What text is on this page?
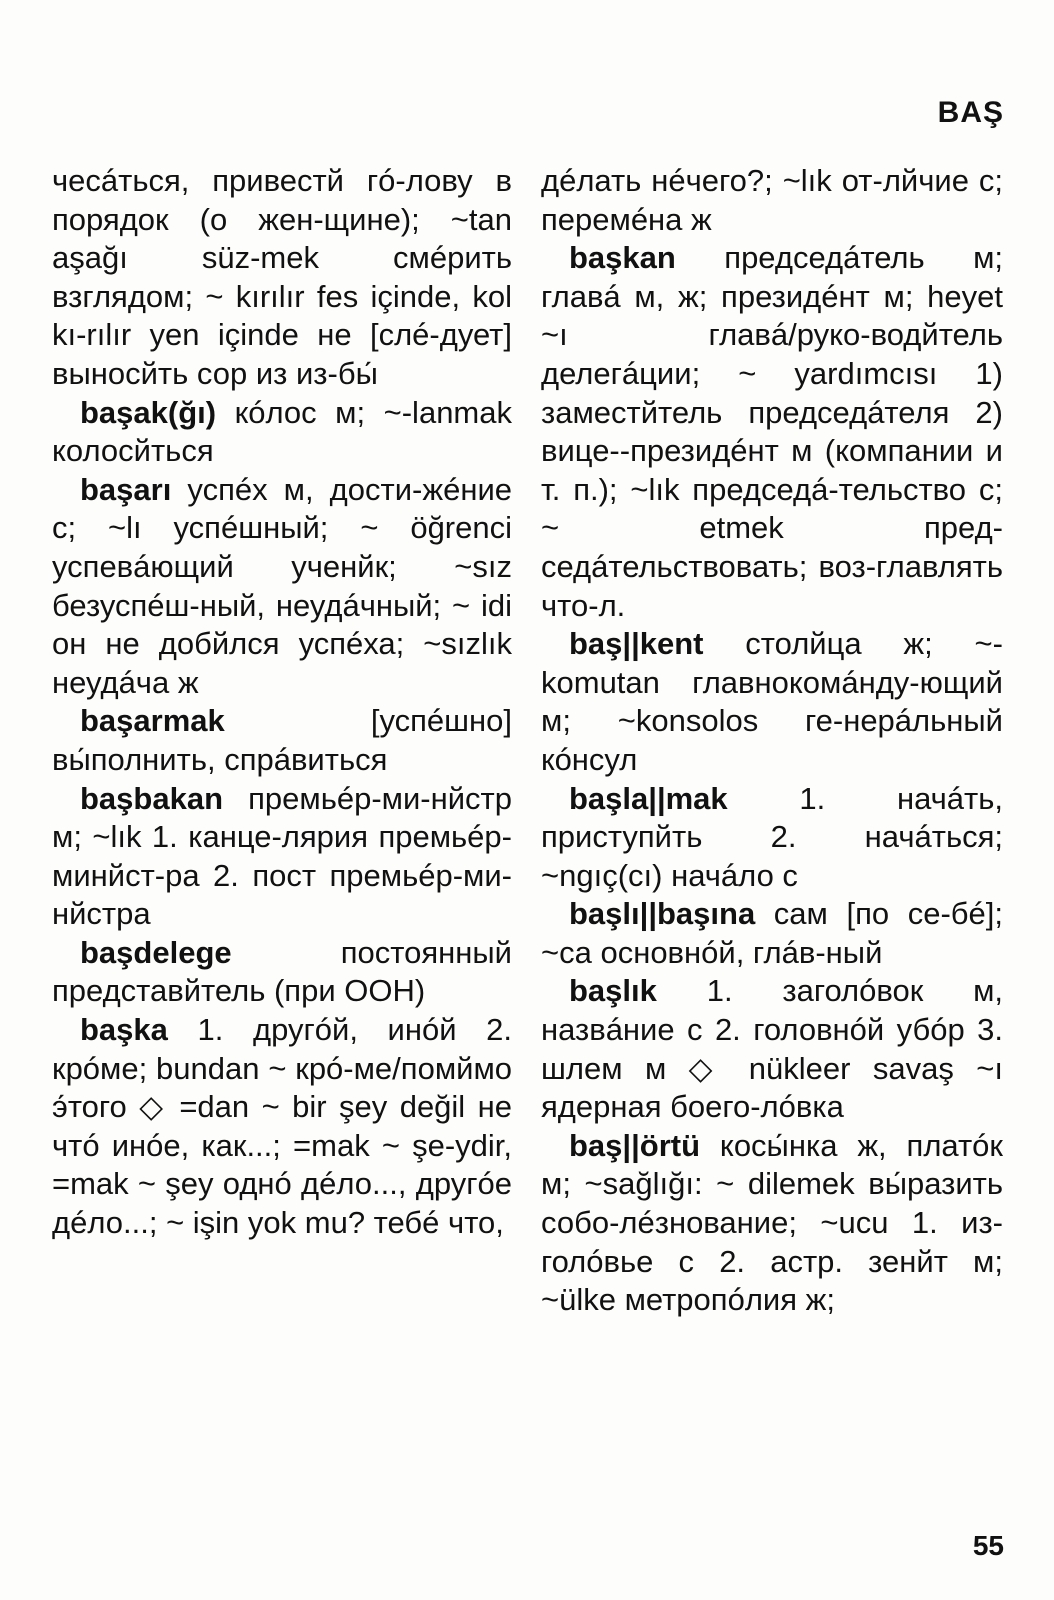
BAŞ

чесáться, привестй гó-лову в порядок (о жен-щине); ~tan aşağı süz-mek смéрить взглядом; ~ kırılır fes içinde, kol kı-rılır yen içinde не [слé-дует] выносйть сор из из-бы́

başak(ğı) кóлос м; ~-lanmak колосйться

başarı успéх м, дости-жéние с; ~lı успéшный; ~ öğrenci успевáющий ученйк; ~sız безуспéш-ный, неудáчный; ~ idi он не добйлся успéха; ~sızlık неудáча ж

başarmak [успéшно] вы́полнить, спрáвиться

başbakan премьéр-ми-нйстр м; ~lık 1. канце-лярия премьéр-минйст-ра 2. пост премьéр-ми-нйстра

başdelege постоянный представйтель (при ООН)

başka 1. другóй, инóй 2. крóме; bundan ~ крó-ме/помймо э́того ◇ =dan ~ bir şey değil не чтó инóе, как...; =mak ~ şe-ydir, =mak ~ şey однó дéло..., другóе дéло...; ~ işin yok mu? тебé что,

дéлать нéчего?; ~lık от-лйчие с; перемéна ж

başkan председáтель м; главá м, ж; президéнт м; heyet ~ı главá/руко-водйтель делегáции; ~ yardımcısı 1) заместйтель председáтеля 2) вице--президéнт м (компании и т. п.); ~lık председá-тельство с; ~ etmek пред-седáтельствовать; воз-главлять что-л.

baş||kent столйца ж; ~-komutan главнокомáнду-ющий м; ~konsolos ге-нерáльный кóнсул

başla||mak 1. начáть, приступйть 2. начáться; ~ngıç(cı) начáло с

başlı||başına сам [по се-бé]; ~ca основнóй, глáв-ный

başlık 1. заголóвок м, назвáние с 2. головнóй убóр 3. шлем м ◇ nükleer savaş ~ı ядерная боего-лóвка

baş||örtü косы́нка ж, платóк м; ~sağlığı: ~ dilemek вы́разить собо-лéзнование; ~ucu 1. из-голóвье с 2. астр. зенйт м; ~ülke метропóлия ж;

55
